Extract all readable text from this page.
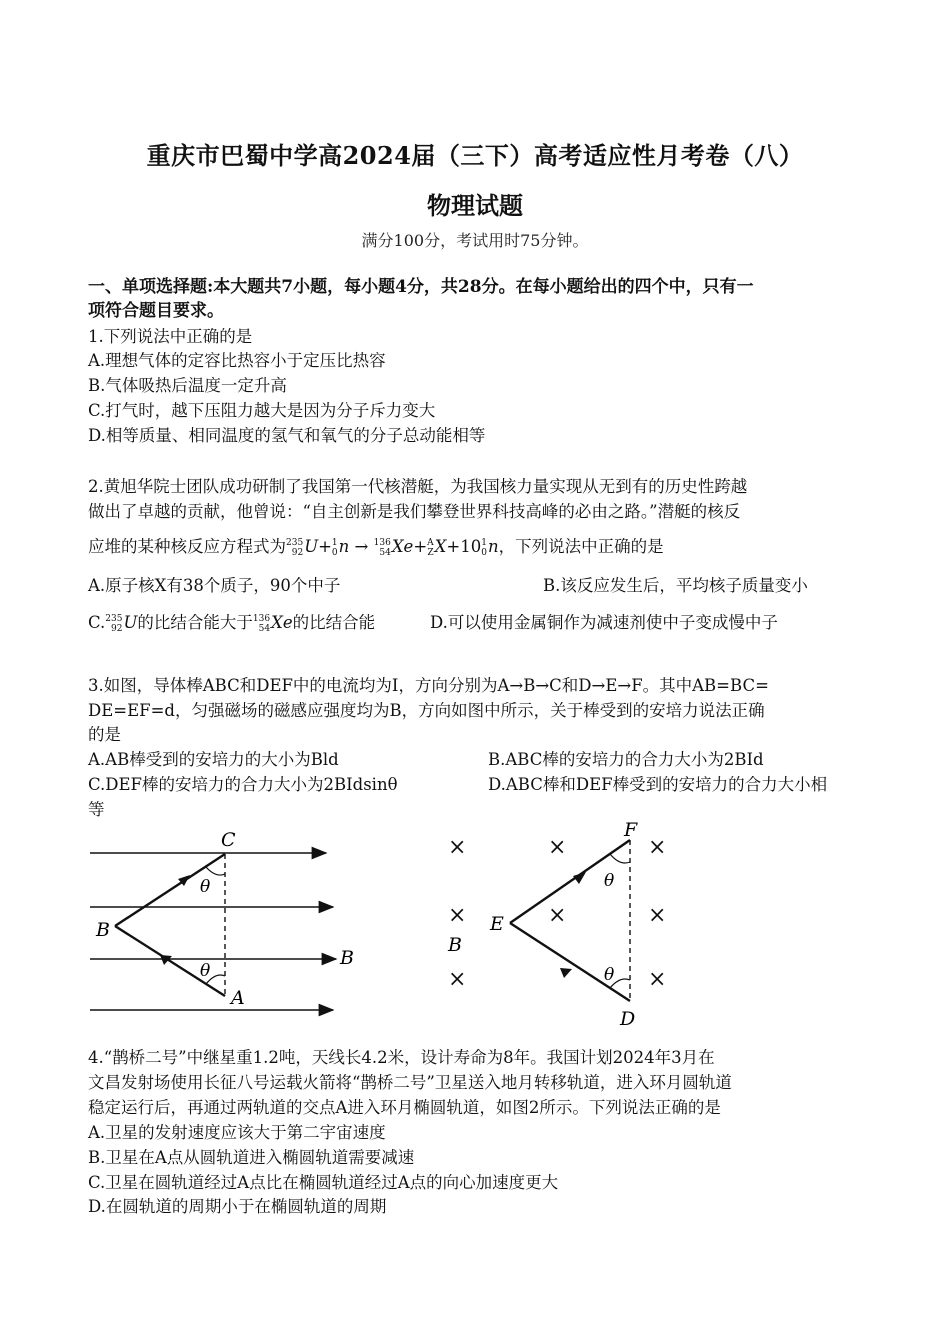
重庆市巴蜀中学高2024届（三下）高考适应性月考卷（八）
物理试题
满分100分，考试用时75分钟。
一、单项选择题:本大题共7小题，每小题4分，共28分。在每小题给出的四个中，只有一
项符合题目要求。
1.下列说法中正确的是
A.理想气体的定容比热容小于定压比热容
B.气体吸热后温度一定升高
C.打气时，越下压阻力越大是因为分子斥力变大
D.相等质量、相同温度的氢气和氧气的分子总动能相等
2.黄旭华院士团队成功研制了我国第一代核潜艇，为我国核力量实现从无到有的历史性跨越
做出了卓越的贡献，他曾说：“自主创新是我们攀登世界科技高峰的必由之路。”潜艇的核反
应堆的某种核反应方程式为 235
92 U+ 1
0 n → 136
54 Xe+ A
Z X+10 1
0 n，下列说法中正确的是
A.原子核X有38个质子，90个中子	B.该反应发生后，平均核子质量变小
C. 235
92 U的比结合能大于 136
54 Xe的比结合能	D.可以使用金属铜作为减速剂使中子变成慢中子
3.如图，导体棒ABC和DEF中的电流均为I，方向分别为A→B→C和D→E→F。其中AB=BC=
DE=EF=d，匀强磁场的磁感应强度均为B，方向如图中所示，关于棒受到的安培力说法正确
的是
A.AB棒受到的安培力的大小为Bld	B.ABC棒的安培力的合力大小为2BId
C.DEF棒的安培力的合力大小为2BIdsinθ	D.ABC棒和DEF棒受到的安培力的合力大小相
等
C
B
A
B
θ
θ
×	×	×
×	×	×
×	×
F
E
D
B
θ
θ
4.“鹊桥二号”中继星重1.2吨，天线长4.2米，设计寿命为8年。我国计划2024年3月在
文昌发射场使用长征八号运载火箭将“鹊桥二号”卫星送入地月转移轨道，进入环月圆轨道
稳定运行后，再通过两轨道的交点A进入环月椭圆轨道，如图2所示。下列说法正确的是
A.卫星的发射速度应该大于第二宇宙速度
B.卫星在A点从圆轨道进入椭圆轨道需要减速
C.卫星在圆轨道经过A点比在椭圆轨道经过A点的向心加速度更大
D.在圆轨道的周期小于在椭圆轨道的周期
